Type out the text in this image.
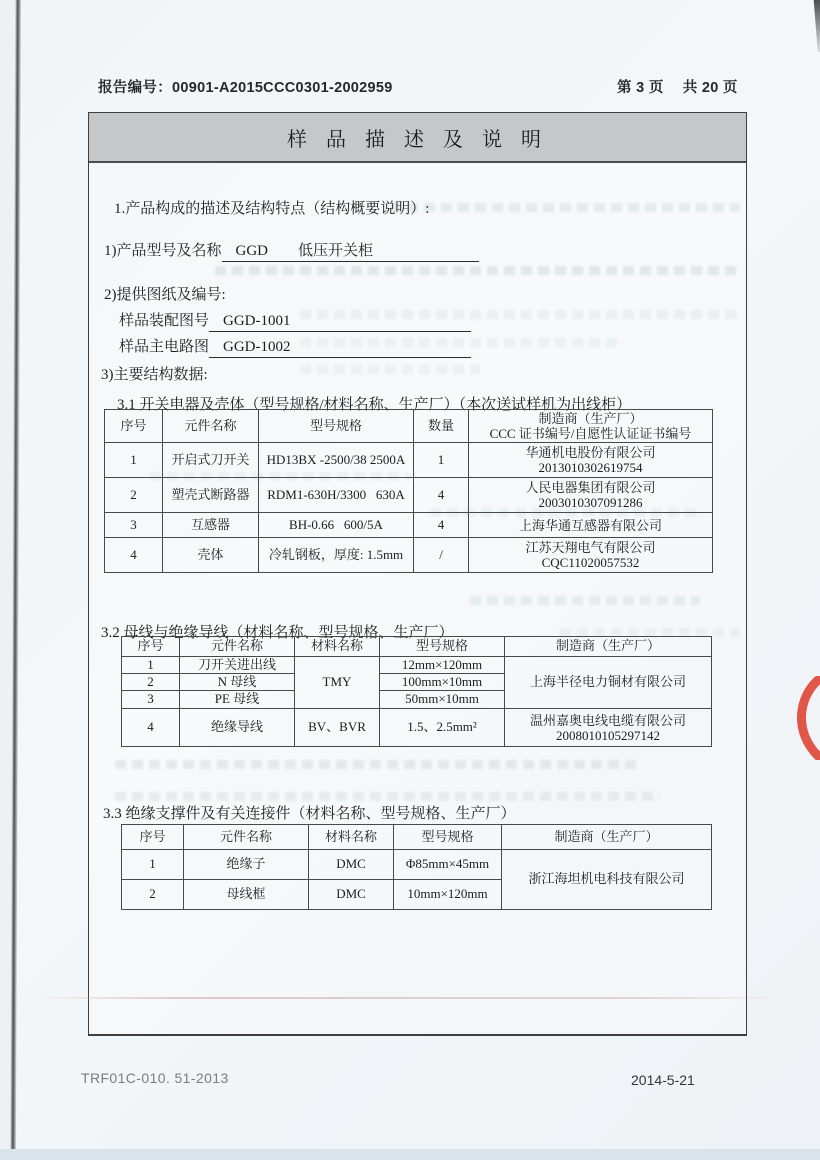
报告编号：00901-A2015CCC0301-2002959	第 3 页　 共 20 页
样 品 描 述 及 说 明
1.产品构成的描述及结构特点（结构概要说明）:
1)产品型号及名称 GGD　　低压开关柜
2)提供图纸及编号:
样品装配图号 GGD-1001
样品主电路图 GGD-1002
3)主要结构数据:
3.1 开关电器及壳体（型号规格/材料名称、生产厂）（本次送试样机为出线柜）
序号	元件名称	型号规格	数量	制造商（生产厂）
CCC 证书编号/自愿性认证证书编号

1	开启式刀开关	HD13BX -2500/38 2500A	1	华通机电股份有限公司
2013010302619754

2	塑壳式断路器	RDM1-630H/3300   630A	4	人民电器集团有限公司
2003010307091286

3	互感器	BH-0.66   600/5A	4	上海华通互感器有限公司

4	壳体	冷轧钢板，厚度: 1.5mm	/	江苏天翔电气有限公司
CQC11020057532
3.2 母线与绝缘导线（材料名称、型号规格、生产厂）
序号	元件名称	材料名称	型号规格	制造商（生产厂）
1	刀开关进出线	TMY	12mm×120mm	上海半径电力铜材有限公司
2	N 母线		100mm×10mm	
3	PE 母线		50mm×10mm	
4	绝缘导线	BV、BVR	1.5、2.5mm²	温州嘉奥电线电缆有限公司
2008010105297142
3.3 绝缘支撑件及有关连接件（材料名称、型号规格、生产厂）
序号	元件名称	材料名称	型号规格	制造商（生产厂）
1	绝缘子	DMC	Φ85mm×45mm	浙江海坦机电科技有限公司
2	母线框	DMC	10mm×120mm	
TRF01C-010. 51-2013	2014-5-21
